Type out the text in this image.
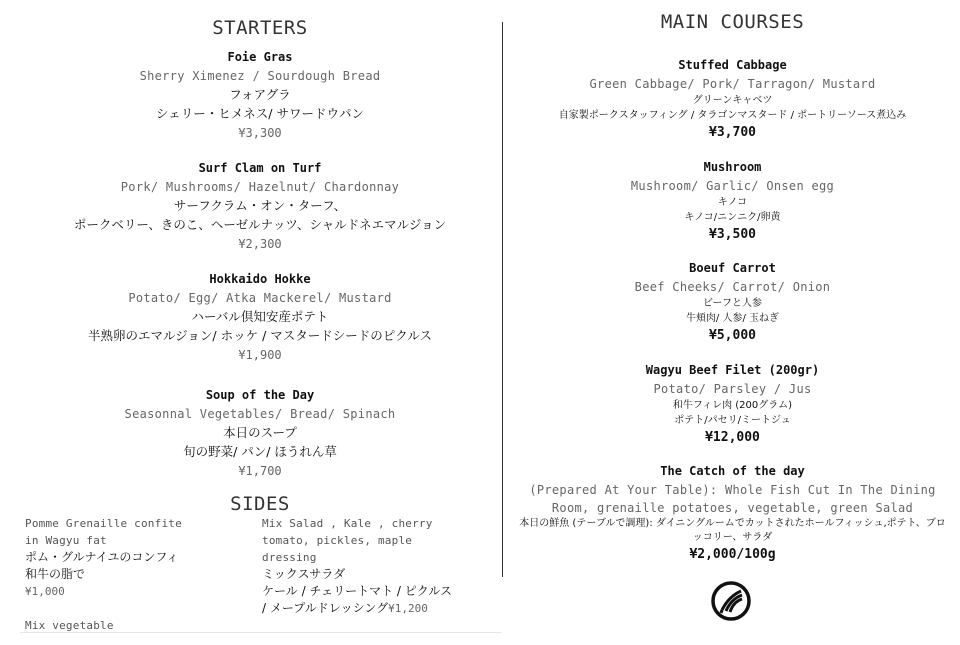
STARTERS
Foie Gras
Sherry Ximenez / Sourdough Bread
フォアグラ
シェリー・ヒメネス/ サワードウパン
¥3,300
Surf Clam on Turf
Pork/ Mushrooms/ Hazelnut/ Chardonnay
サーフクラム・オン・ターフ、
ポークベリー、きのこ、ヘーゼルナッツ、シャルドネエマルジョン
¥2,300
Hokkaido Hokke
Potato/ Egg/ Atka Mackerel/ Mustard
ハーバル倶知安産ポテト
半熟卵のエマルジョン/ ホッケ / マスタードシードのピクルス
¥1,900
Soup of the Day
Seasonnal Vegetables/ Bread/ Spinach
本日のスープ
旬の野菜/ パン/ ほうれん草
¥1,700
SIDES
Pomme Grenaille confite
in Wagyu fat
ポム・グルナイユのコンフィ
和牛の脂で
¥1,000
Mix vegetable
Mix Salad , Kale , cherry
tomato, pickles, maple
dressing
ミックスサラダ
ケール / チェリートマト / ピクルス
/ メープルドレッシング¥1,200
MAIN COURSES
Stuffed Cabbage
Green Cabbage/ Pork/ Tarragon/ Mustard
グリーンキャベツ
自家製ポークスタッフィング / タラゴンマスタード / ポートリーソース煮込み
¥3,700
Mushroom
Mushroom/ Garlic/ Onsen egg
キノコ
キノコ/ニンニク/卵黄
¥3,500
Boeuf Carrot
Beef Cheeks/ Carrot/ Onion
ビーフと人参
牛頬肉/ 人参/ 玉ねぎ
¥5,000
Wagyu Beef Filet (200gr)
Potato/ Parsley / Jus
和牛フィレ肉 (200グラム)
ポテト/パセリ/ミートジュ
¥12,000
The Catch of the day
(Prepared At Your Table): Whole Fish Cut In The Dining
Room, grenaille potatoes, vegetable, green Salad
本日の鮮魚 (テーブルで調理): ダイニングルームでカットされたホールフィッシュ,ポテト、ブロ
ッコリー、サラダ
¥2,000/100g
